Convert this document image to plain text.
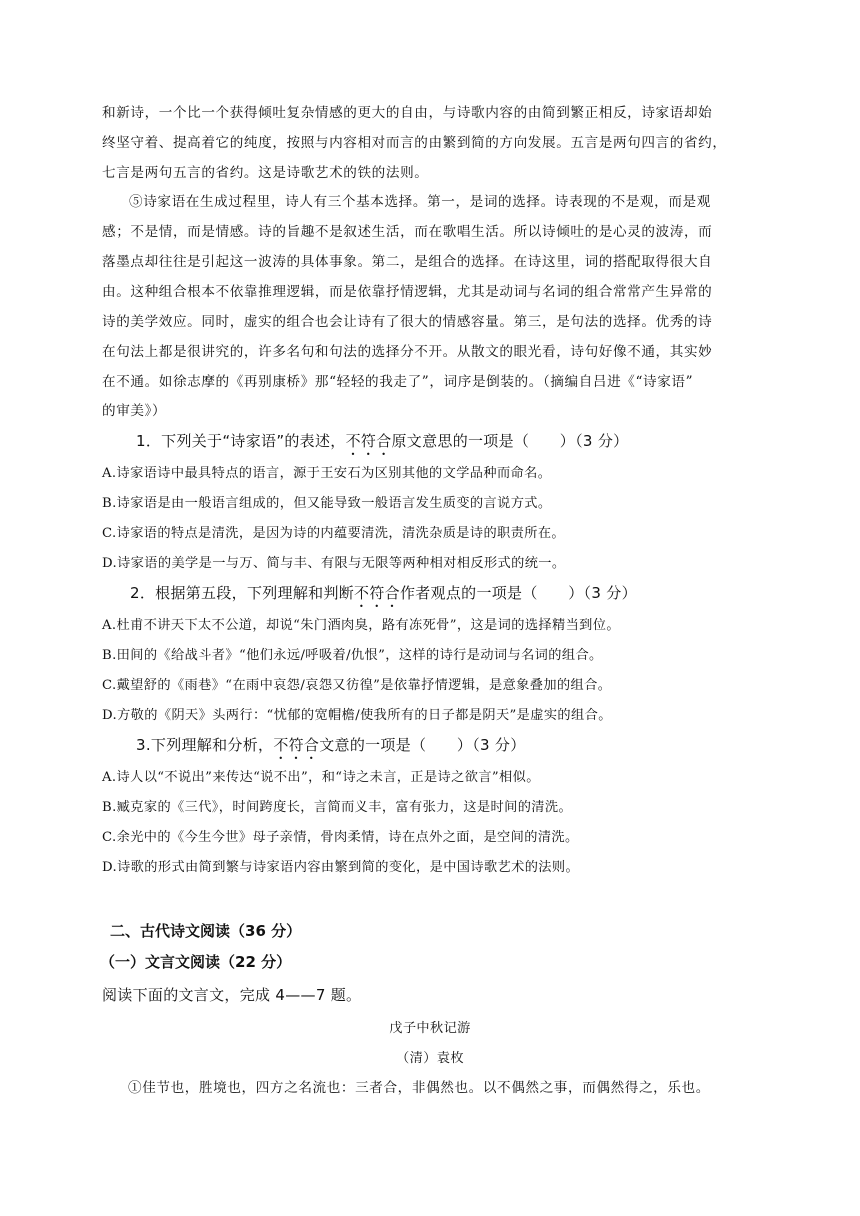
和新诗，一个比一个获得倾吐复杂情感的更大的自由，与诗歌内容的由简到繁正相反，诗家语却始
终坚守着、提高着它的纯度，按照与内容相对而言的由繁到简的方向发展。五言是两句四言的省约，
七言是两句五言的省约。这是诗歌艺术的铁的法则。
⑤诗家语在生成过程里，诗人有三个基本选择。第一，是词的选择。诗表现的不是观，而是观
感；不是情，而是情感。诗的旨趣不是叙述生活，而在歌唱生活。所以诗倾吐的是心灵的波涛，而
落墨点却往往是引起这一波涛的具体事象。第二，是组合的选择。在诗这里，词的搭配取得很大自
由。这种组合根本不依靠推理逻辑，而是依靠抒情逻辑，尤其是动词与名词的组合常常产生异常的
诗的美学效应。同时，虚实的组合也会让诗有了很大的情感容量。第三，是句法的选择。优秀的诗
在句法上都是很讲究的，许多名句和句法的选择分不开。从散文的眼光看，诗句好像不通，其实妙
在不通。如徐志摩的《再别康桥》那“轻轻的我走了”，词序是倒装的。（摘编自吕进《“诗家语”
的审美》）
1．下列关于“诗家语”的表述，不符合原文意思的一项是（　　）（3 分）
A.诗家语诗中最具特点的语言，源于王安石为区别其他的文学品种而命名。
B.诗家语是由一般语言组成的，但又能导致一般语言发生质变的言说方式。
C.诗家语的特点是清洗，是因为诗的内蕴要清洗，清洗杂质是诗的职责所在。
D.诗家语的美学是一与万、简与丰、有限与无限等两种相对相反形式的统一。
2．根据第五段，下列理解和判断不符合作者观点的一项是（　　）（3 分）
A.杜甫不讲天下太不公道，却说“朱门酒肉臭，路有冻死骨”，这是词的选择精当到位。
B.田间的《给战斗者》“他们永远/呼吸着/仇恨”，这样的诗行是动词与名词的组合。
C.戴望舒的《雨巷》“在雨中哀怨/哀怨又彷徨”是依靠抒情逻辑，是意象叠加的组合。
D.方敬的《阴天》头两行：“忧郁的宽帽檐/使我所有的日子都是阴天”是虚实的组合。
3.下列理解和分析，不符合文意的一项是（　　）（3 分）
A.诗人以“不说出”来传达“说不出”，和“诗之未言，正是诗之欲言”相似。
B.臧克家的《三代》，时间跨度长，言简而义丰，富有张力，这是时间的清洗。
C.余光中的《今生今世》母子亲情，骨肉柔情，诗在点外之面，是空间的清洗。
D.诗歌的形式由简到繁与诗家语内容由繁到简的变化，是中国诗歌艺术的法则。
二、古代诗文阅读（36 分）
（一）文言文阅读（22 分）
阅读下面的文言文，完成 4——7 题。
戊子中秋记游
（清）袁枚
①佳节也，胜境也，四方之名流也：三者合，非偶然也。以不偶然之事，而偶然得之，乐也。
